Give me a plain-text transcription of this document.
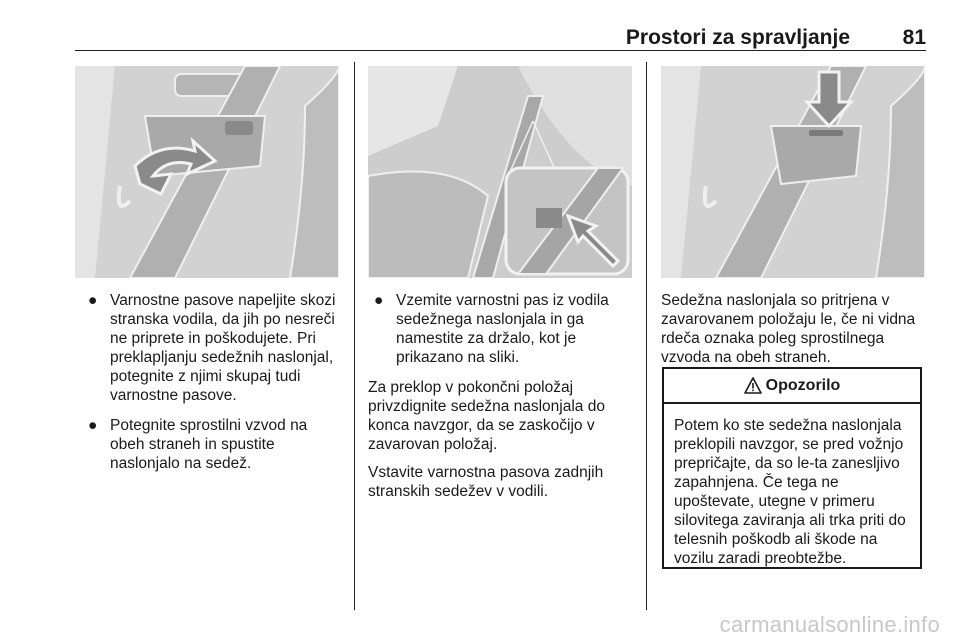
Prostori za spravljanje	81
● Varnostne pasove napeljite skozi stranska vodila, da jih po nesreči ne priprete in poškodujete. Pri preklapljanju sedežnih naslonjal, potegnite z njimi skupaj tudi varnostne pasove.
● Potegnite sprostilni vzvod na obeh straneh in spustite naslonjalo na sedež.
● Vzemite varnostni pas iz vodila sedežnega naslonjala in ga namestite za držalo, kot je prikazano na sliki.

Za preklop v pokončni položaj privzdignite sedežna naslonjala do konca navzgor, da se zaskočijo v zavarovan položaj.

Vstavite varnostna pasova zadnjih stranskih sedežev v vodili.

Sedežna naslonjala so pritrjena v zavarovanem položaju le, če ni vidna rdeča oznaka poleg sprostilnega vzvoda na obeh straneh.

Opozorilo
Potem ko ste sedežna naslonjala preklopili navzgor, se pred vožnjo prepričajte, da so le-ta zanesljivo zapahnjena. Če tega ne upoštevate, utegne v primeru silovitega zaviranja ali trka priti do telesnih poškodb ali škode na vozilu zaradi preobtežbe.
carmanualsonline.info
